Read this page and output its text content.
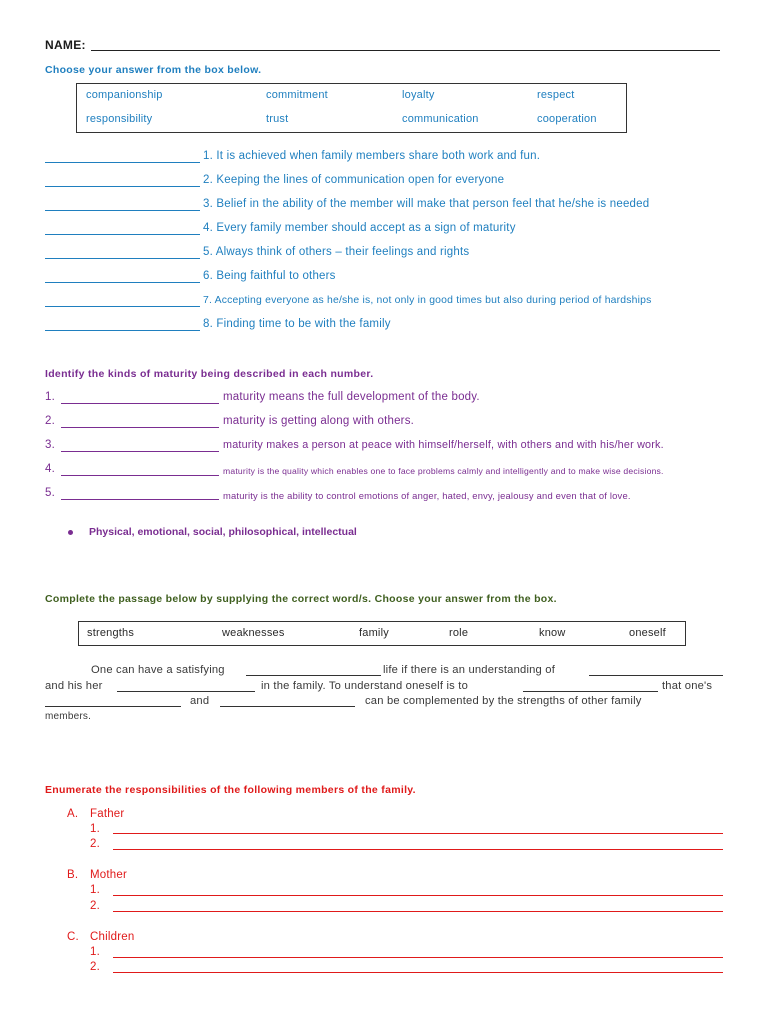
NAME:
Choose your answer from the box below.
companionship	commitment	loyalty	respect
responsibility	trust	communication	cooperation
1. It is achieved when family members share both work and fun.
2. Keeping the lines of communication open for everyone
3. Belief in the ability of the member will make that person feel that he/she is needed
4. Every family member should accept as a sign of maturity
5. Always think of others – their feelings and rights
6. Being faithful to others
7. Accepting everyone as he/she is, not only in good times but also during period of hardships
8. Finding time to be with the family
Identify the kinds of maturity being described in each number.
1.	maturity means the full development of the body.
2.	maturity is getting along with others.
3.	maturity makes a person at peace with himself/herself, with others and with his/her work.
4.	maturity is the quality which enables one to face problems calmly and intelligently and to make wise decisions.
5.	maturity is the ability to control emotions of anger, hated, envy, jealousy and even that of love.
Physical, emotional, social, philosophical, intellectual
Complete the passage below by supplying the correct word/s. Choose your answer from the box.
strengths	weaknesses	family	role	know	oneself
One can have a satisfying	life if there is an understanding of
and his her	in the family. To understand oneself is to	that one's
and	can be complemented by the strengths of other family
members.
Enumerate the responsibilities of the following members of the family.
A. Father
1.
2.
B. Mother
1.
2.
C. Children
1.
2.
